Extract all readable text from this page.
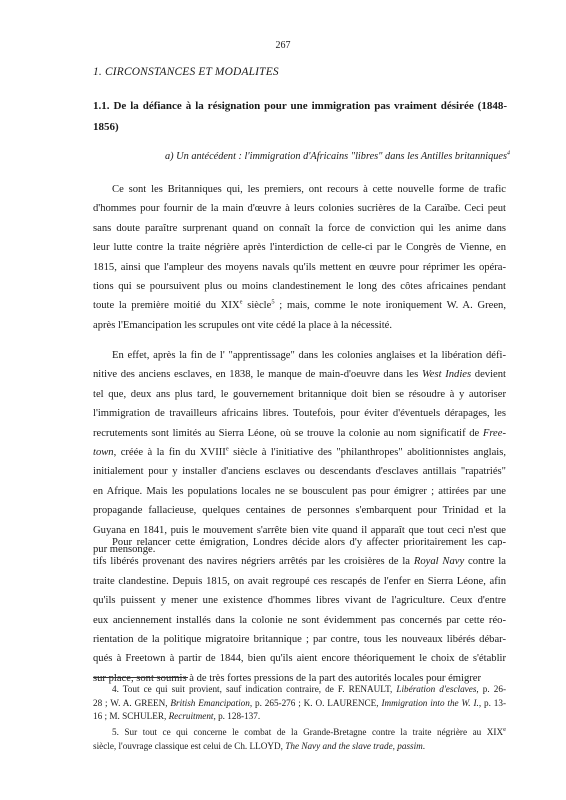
267
1. CIRCONSTANCES ET MODALITES
1.1. De la défiance à la résignation pour une immigration pas vraiment désirée (1848-
1856)
a) Un antécédent : l'immigration d'Africains "libres" dans les Antilles britanniques$^4$
Ce sont les Britanniques qui, les premiers, ont recours à cette nouvelle forme de trafic
d'hommes pour fournir de la main d'œuvre à leurs colonies sucrières de la Caraïbe. Ceci peut
sans doute paraître surprenant quand on connaît la force de conviction qui les anime dans
leur lutte contre la traite négrière après l'interdiction de celle-ci par le Congrès de Vienne, en
1815, ainsi que l'ampleur des moyens navals qu'ils mettent en œuvre pour réprimer les opéra-
tions qui se poursuivent plus ou moins clandestinement le long des côtes africaines pendant
toute la première moitié du XIXe siècle$^5$ ; mais, comme le note ironiquement W. A. Green,
après l'Emancipation les scrupules ont vite cédé la place à la nécessité.
En effet, après la fin de l' "apprentissage" dans les colonies anglaises et la libération défi-
nitive des anciens esclaves, en 1838, le manque de main-d'oeuvre dans les West Indies devient
tel que, deux ans plus tard, le gouvernement britannique doit bien se résoudre à y autoriser
l'immigration de travailleurs africains libres. Toutefois, pour éviter d'éventuels dérapages, les
recrutements sont limités au Sierra Léone, où se trouve la colonie au nom significatif de Free-
town, créée à la fin du XVIIIe siècle à l'initiative des "philanthropes" abolitionnistes anglais,
initialement pour y installer d'anciens esclaves ou descendants d'esclaves antillais "rapatriés"
en Afrique. Mais les populations locales ne se bousculent pas pour émigrer ; attirées par une
propagande fallacieuse, quelques centaines de personnes s'embarquent pour Trinidad et la
Guyana en 1841, puis le mouvement s'arrête bien vite quand il apparaît que tout ceci n'est que
pur mensonge.
Pour relancer cette émigration, Londres décide alors d'y affecter prioritairement les cap-
tifs libérés provenant des navires négriers arrêtés par les croisières de la Royal Navy contre la
traite clandestine. Depuis 1815, on avait regroupé ces rescapés de l'enfer en Sierra Léone, afin
qu'ils puissent y mener une existence d'hommes libres vivant de l'agriculture. Ceux d'entre
eux anciennement installés dans la colonie ne sont évidemment pas concernés par cette réo-
rientation de la politique migratoire britannique ; par contre, tous les nouveaux libérés débar-
qués à Freetown à partir de 1844, bien qu'ils aient encore théoriquement le choix de s'établir
sur place, sont soumis à de très fortes pressions de la part des autorités locales pour émigrer
4. Tout ce qui suit provient, sauf indication contraire, de F. RENAULT, Libération d'esclaves, p. 26-
28 ; W. A. GREEN, British Emancipation, p. 265-276 ; K. O. LAURENCE, Immigration into the W. I., p. 13-
16 ; M. SCHULER, Recruitment, p. 128-137.
5. Sur tout ce qui concerne le combat de la Grande-Bretagne contre la traite négrière au XIXe
siècle, l'ouvrage classique est celui de Ch. LLOYD, The Navy and the slave trade, passim.
